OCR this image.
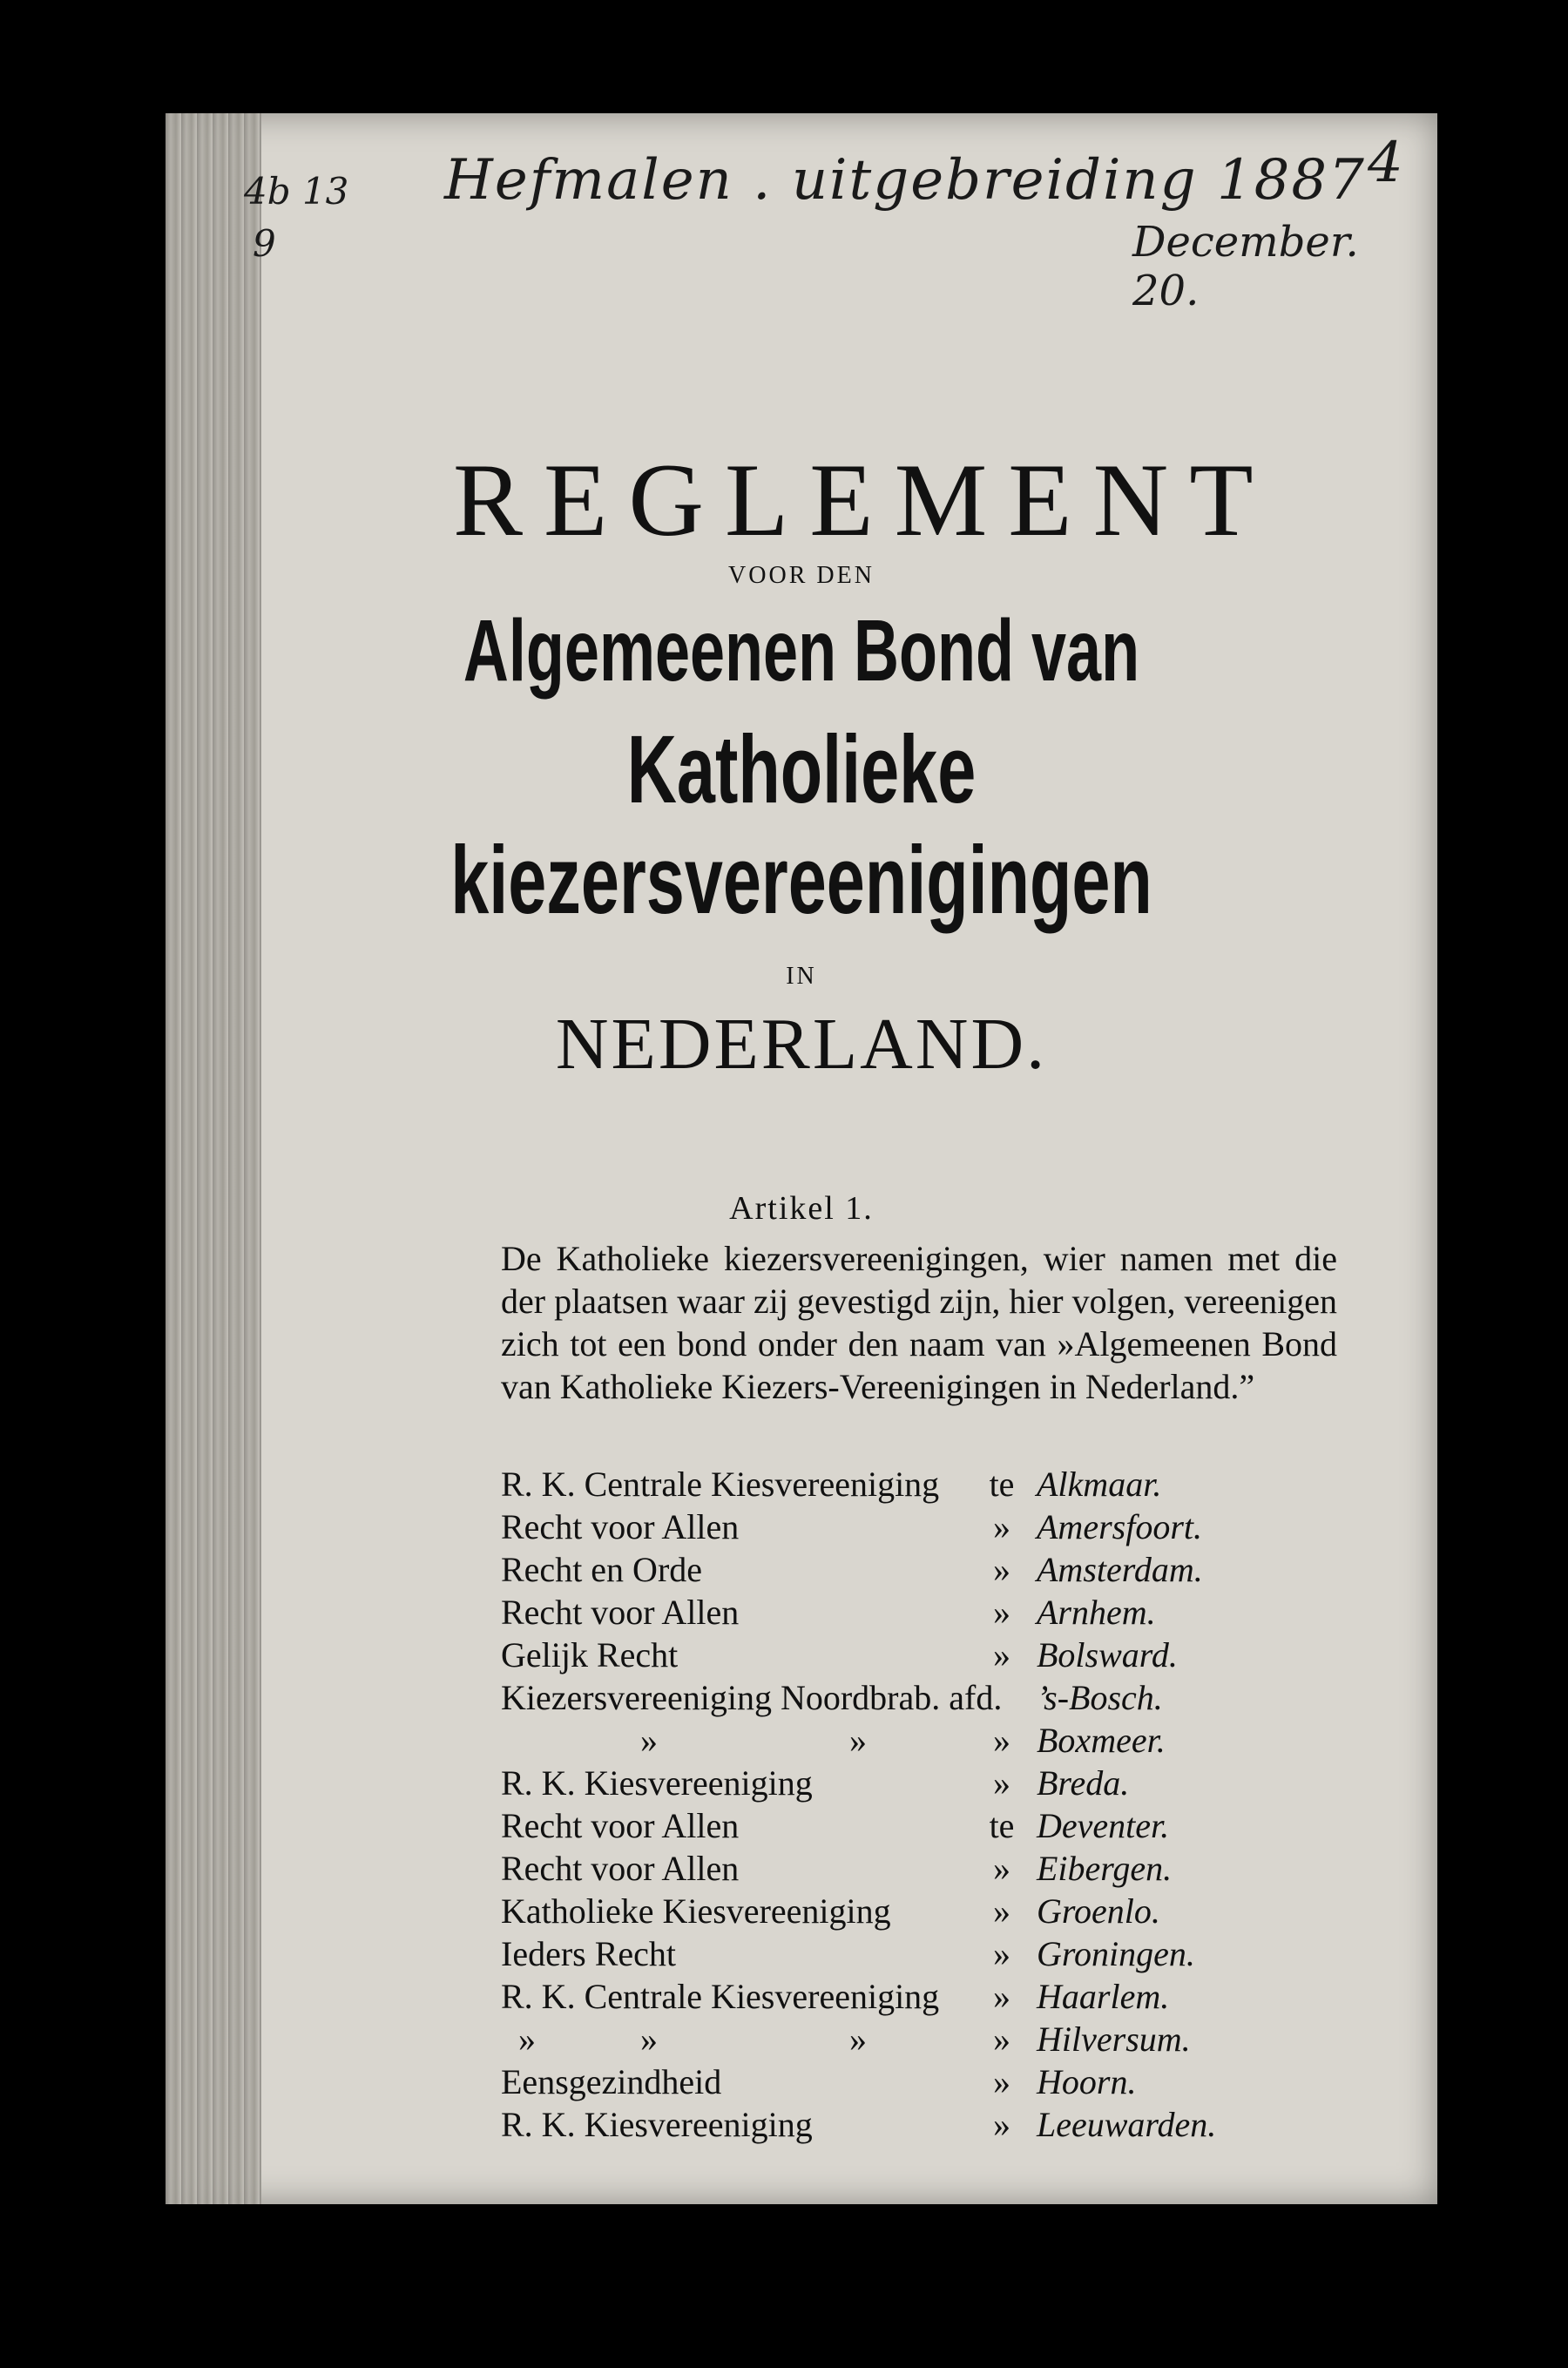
Hefmalen . uitgebreiding 1887 4
December. 20.
4b 13
9
REGLEMENT
VOOR DEN
Algemeenen Bond van
Katholieke kiezersvereenigingen
IN
NEDERLAND.
Artikel 1.
De Katholieke kiezersvereenigingen, wier namen met die der plaatsen waar zij gevestigd zijn, hier volgen, vereenigen zich tot een bond onder den naam van »Algemeenen Bond van Katholieke Kiezers-Vereenigingen in Nederland.”
R. K. Centrale Kiesvereeniging te Alkmaar.
Recht voor Allen	» Amersfoort.
Recht en Orde	» Amsterdam.
Recht voor Allen	» Arnhem.
Gelijk Recht	» Bolsward.
Kiezersvereeniging Noordbrab. afd. ’s-Bosch.
»	»	» Boxmeer.
R. K. Kiesvereeniging	» Breda.
Recht voor Allen	te Deventer.
Recht voor Allen	» Eibergen.
Katholieke Kiesvereeniging	» Groenlo.
Ieders Recht	» Groningen.
R. K. Centrale Kiesvereeniging	» Haarlem.
»	»	»	» Hilversum.
Eensgezindheid	» Hoorn.
R. K. Kiesvereeniging	» Leeuwarden.
